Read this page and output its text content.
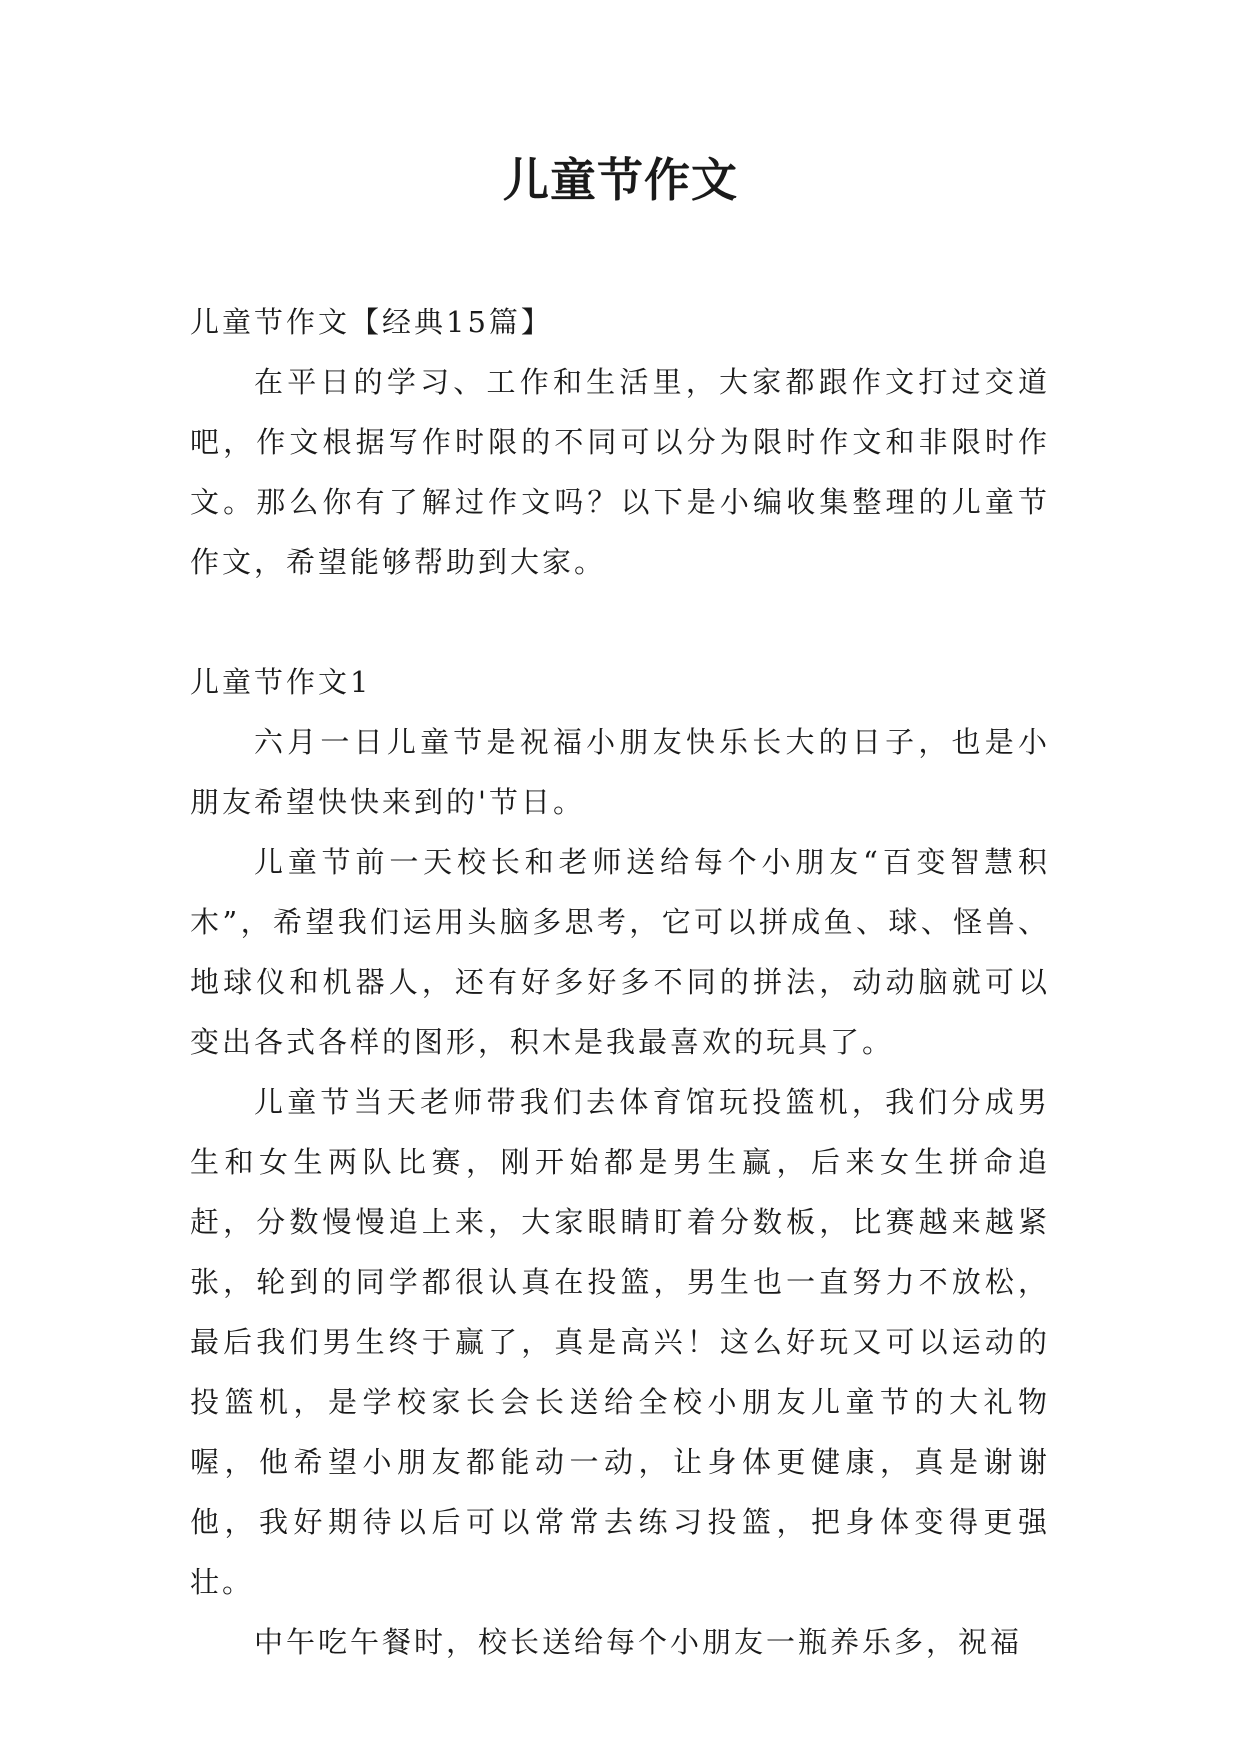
儿童节作文

儿童节作文【经典15篇】

在平日的学习、工作和生活里，大家都跟作文打过交道吧，作文根据写作时限的不同可以分为限时作文和非限时作文。那么你有了解过作文吗？以下是小编收集整理的儿童节作文，希望能够帮助到大家。

儿童节作文1

六月一日儿童节是祝福小朋友快乐长大的日子，也是小朋友希望快快来到的'节日。

儿童节前一天校长和老师送给每个小朋友“百变智慧积木”，希望我们运用头脑多思考，它可以拼成鱼、球、怪兽、地球仪和机器人，还有好多好多不同的拼法，动动脑就可以变出各式各样的图形，积木是我最喜欢的玩具了。

儿童节当天老师带我们去体育馆玩投篮机，我们分成男生和女生两队比赛，刚开始都是男生赢，后来女生拼命追赶，分数慢慢追上来，大家眼睛盯着分数板，比赛越来越紧张，轮到的同学都很认真在投篮，男生也一直努力不放松，最后我们男生终于赢了，真是高兴！这么好玩又可以运动的投篮机，是学校家长会长送给全校小朋友儿童节的大礼物喔，他希望小朋友都能动一动，让身体更健康，真是谢谢他，我好期待以后可以常常去练习投篮，把身体变得更强壮。

中午吃午餐时，校长送给每个小朋友一瓶养乐多，祝福
